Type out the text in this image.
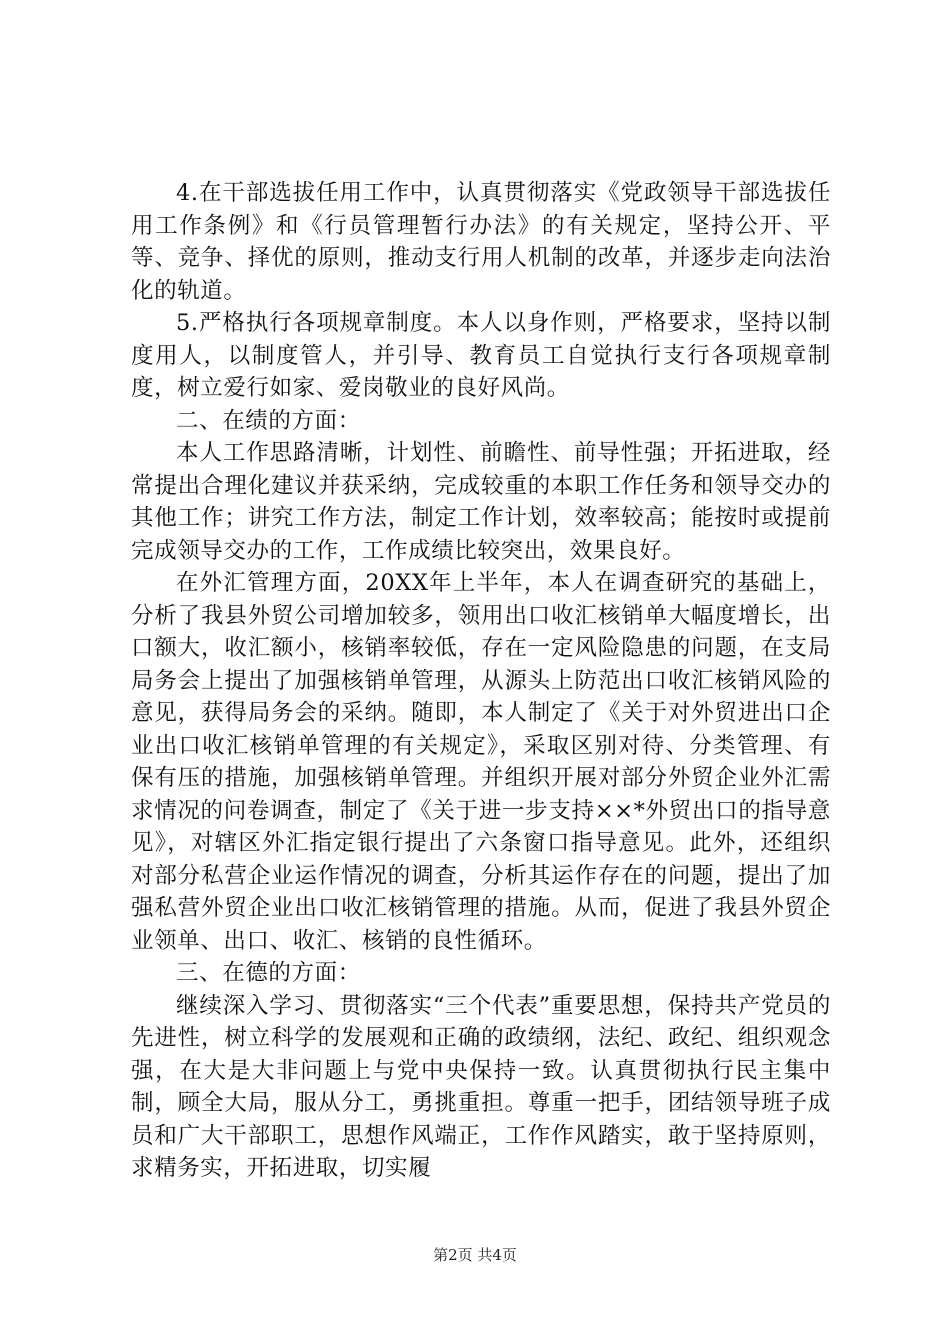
4.在干部选拔任用工作中，认真贯彻落实《党政领导干部选拔任用工作条例》和《行员管理暂行办法》的有关规定，坚持公开、平等、竞争、择优的原则，推动支行用人机制的改革，并逐步走向法治化的轨道。

5.严格执行各项规章制度。本人以身作则，严格要求，坚持以制度用人，以制度管人，并引导、教育员工自觉执行支行各项规章制度，树立爱行如家、爱岗敬业的良好风尚。

二、在绩的方面：

本人工作思路清晰，计划性、前瞻性、前导性强；开拓进取，经常提出合理化建议并获采纳，完成较重的本职工作任务和领导交办的其他工作；讲究工作方法，制定工作计划，效率较高；能按时或提前完成领导交办的工作，工作成绩比较突出，效果良好。

在外汇管理方面，20XX年上半年，本人在调查研究的基础上，分析了我县外贸公司增加较多，领用出口收汇核销单大幅度增长，出口额大，收汇额小，核销率较低，存在一定风险隐患的问题，在支局局务会上提出了加强核销单管理，从源头上防范出口收汇核销风险的意见，获得局务会的采纳。随即，本人制定了《关于对外贸进出口企业出口收汇核销单管理的有关规定》，采取区别对待、分类管理、有保有压的措施，加强核销单管理。并组织开展对部分外贸企业外汇需求情况的问卷调查，制定了《关于进一步支持××*外贸出口的指导意见》，对辖区外汇指定银行提出了六条窗口指导意见。此外，还组织对部分私营企业运作情况的调查，分析其运作存在的问题，提出了加强私营外贸企业出口收汇核销管理的措施。从而，促进了我县外贸企业领单、出口、收汇、核销的良性循环。

三、在德的方面：

继续深入学习、贯彻落实“三个代表”重要思想，保持共产党员的先进性，树立科学的发展观和正确的政绩纲，法纪、政纪、组织观念强，在大是大非问题上与党中央保持一致。认真贯彻执行民主集中制，顾全大局，服从分工，勇挑重担。尊重一把手，团结领导班子成员和广大干部职工，思想作风端正，工作作风踏实，敢于坚持原则，求精务实，开拓进取，切实履

第2页 共4页
